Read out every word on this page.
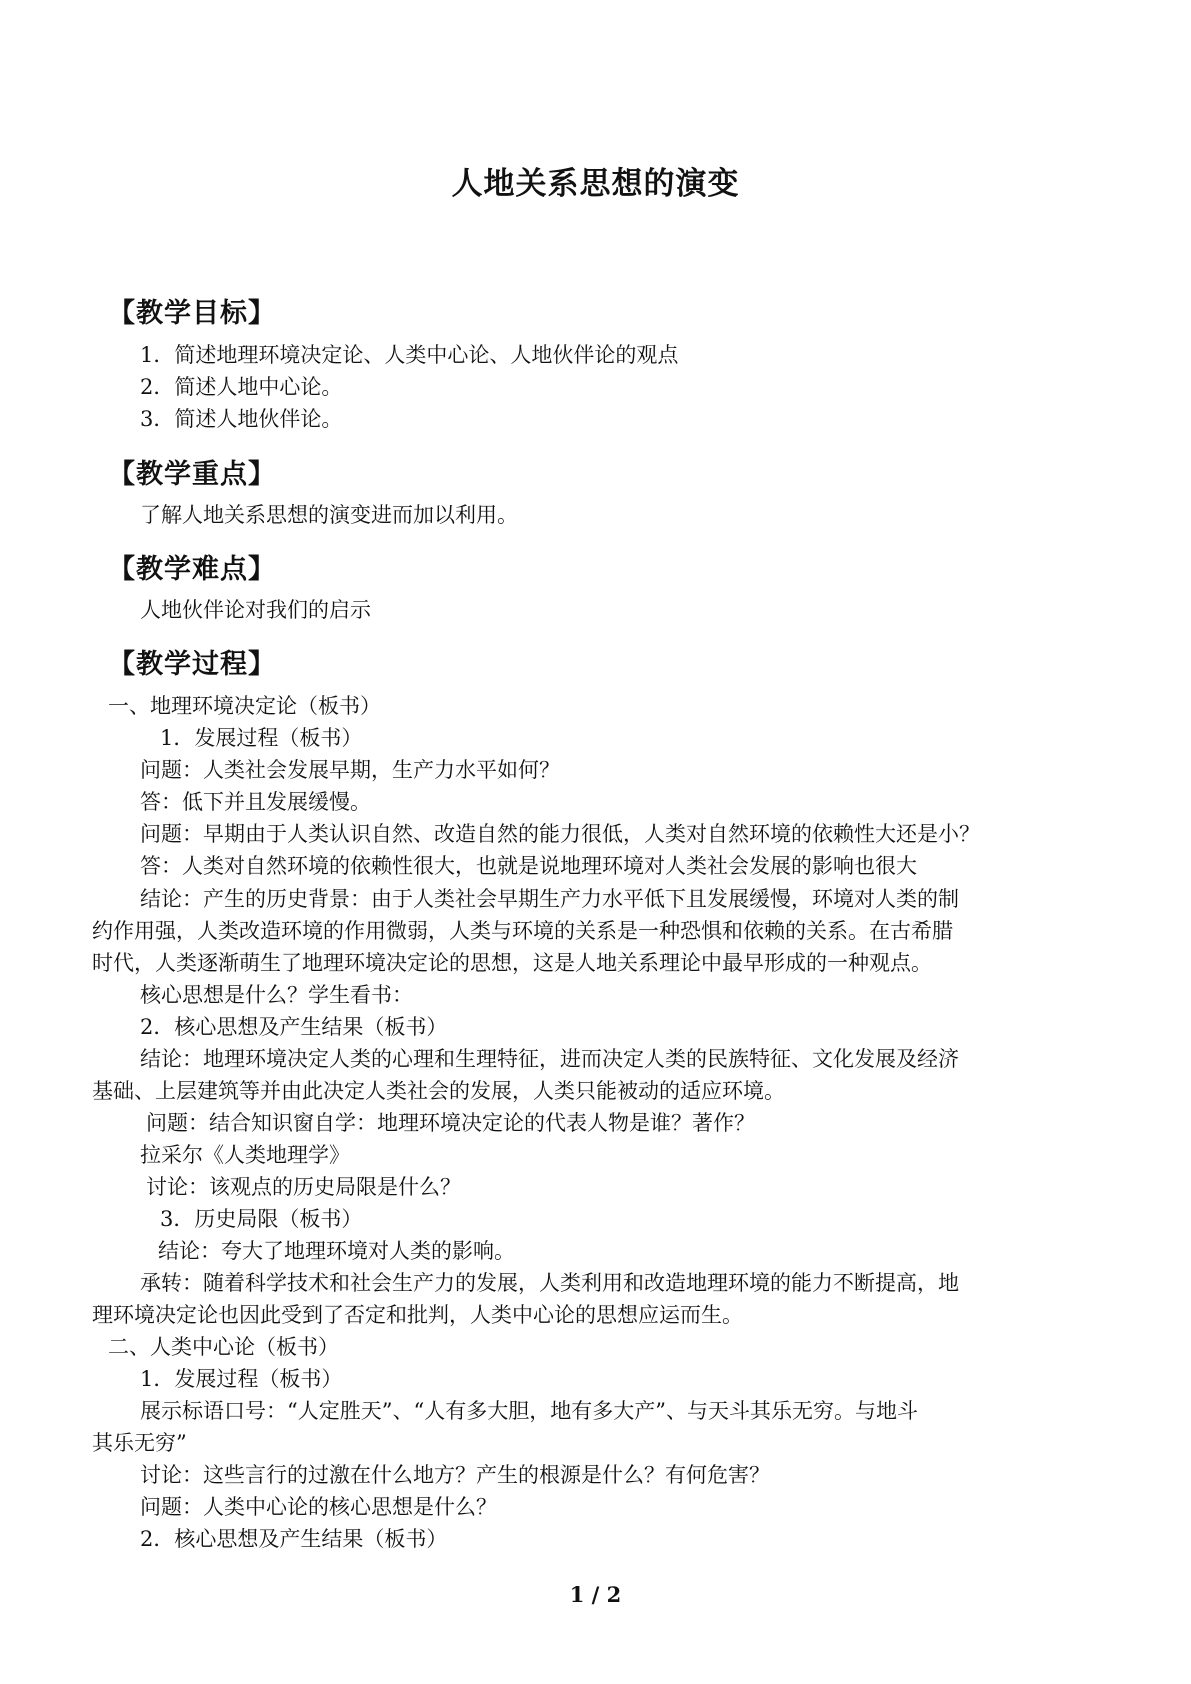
人地关系思想的演变
【教学目标】
1．简述地理环境决定论、人类中心论、人地伙伴论的观点
2．简述人地中心论。
3．简述人地伙伴论。
【教学重点】
了解人地关系思想的演变进而加以利用。
【教学难点】
人地伙伴论对我们的启示
【教学过程】
一、地理环境决定论（板书）
1．发展过程（板书）
问题：人类社会发展早期，生产力水平如何？
答：低下并且发展缓慢。
问题：早期由于人类认识自然、改造自然的能力很低，人类对自然环境的依赖性大还是小？
答：人类对自然环境的依赖性很大，也就是说地理环境对人类社会发展的影响也很大
结论：产生的历史背景：由于人类社会早期生产力水平低下且发展缓慢，环境对人类的制
约作用强，人类改造环境的作用微弱，人类与环境的关系是一种恐惧和依赖的关系。在古希腊
时代，人类逐渐萌生了地理环境决定论的思想，这是人地关系理论中最早形成的一种观点。
核心思想是什么？学生看书：
2．核心思想及产生结果（板书）
结论：地理环境决定人类的心理和生理特征，进而决定人类的民族特征、文化发展及经济
基础、上层建筑等并由此决定人类社会的发展，人类只能被动的适应环境。
问题：结合知识窗自学：地理环境决定论的代表人物是谁？著作？
拉采尔《人类地理学》
讨论：该观点的历史局限是什么？
3．历史局限（板书）
结论：夸大了地理环境对人类的影响。
承转：随着科学技术和社会生产力的发展，人类利用和改造地理环境的能力不断提高，地
理环境决定论也因此受到了否定和批判，人类中心论的思想应运而生。
二、人类中心论（板书）
1．发展过程（板书）
展示标语口号：“人定胜天”、“人有多大胆，地有多大产”、与天斗其乐无穷。与地斗
其乐无穷”
讨论：这些言行的过激在什么地方？产生的根源是什么？有何危害？
问题：人类中心论的核心思想是什么？
2．核心思想及产生结果（板书）
1 / 2
